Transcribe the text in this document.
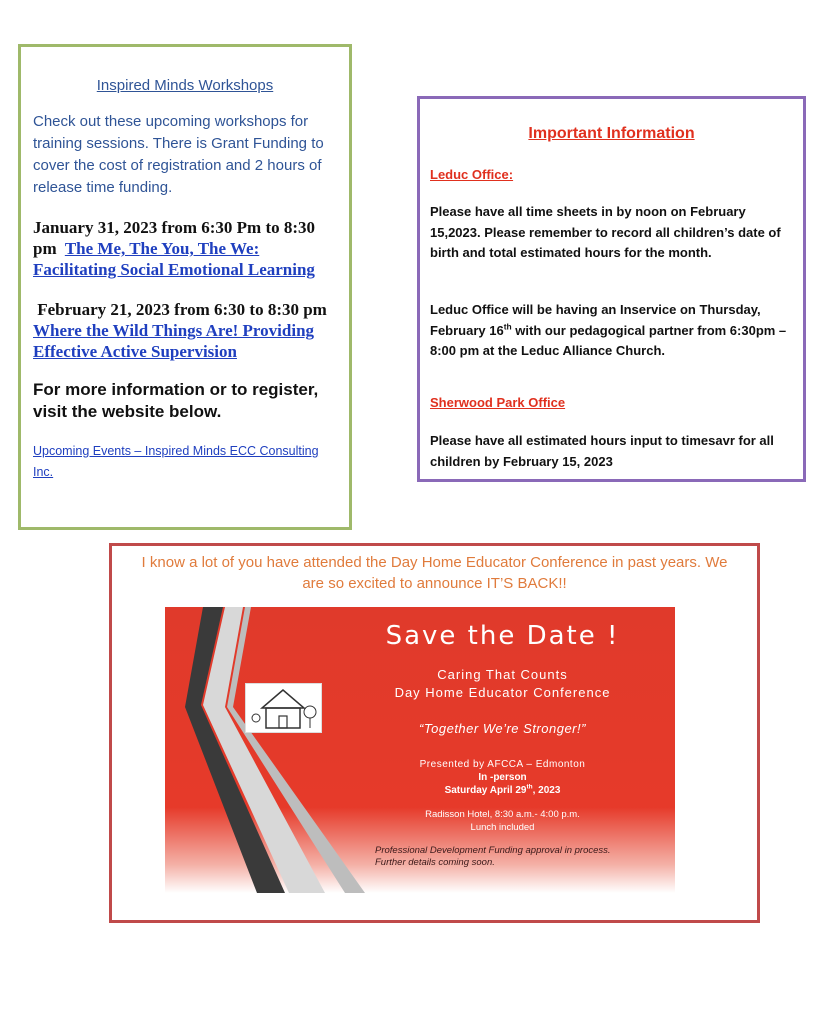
Inspired Minds Workshops
Check out these upcoming workshops for training sessions. There is Grant Funding to cover the cost of registration and 2 hours of release time funding.
January 31, 2023 from 6:30 Pm to 8:30 pm The Me, The You, The We: Facilitating Social Emotional Learning
February 21, 2023 from 6:30 to 8:30 pm Where the Wild Things Are! Providing Effective Active Supervision
For more information or to register, visit the website below.
Upcoming Events – Inspired Minds ECC Consulting Inc.
Important Information
Leduc Office:
Please have all time sheets in by noon on February 15,2023. Please remember to record all children’s date of birth and total estimated hours for the month.
Leduc Office will be having an Inservice on Thursday, February 16th with our pedagogical partner from 6:30pm – 8:00 pm at the Leduc Alliance Church.
Sherwood Park Office
Please have all estimated hours input to timesavr for all children by February 15, 2023
I know a lot of you have attended the Day Home Educator Conference in past years. We are so excited to announce IT’S BACK!!
Save the Date !
Caring That Counts
Day Home Educator Conference
“Together We’re Stronger!”
Presented by AFCCA – Edmonton
In -person
Saturday April 29th, 2023
Radisson Hotel, 8:30 a.m.- 4:00 p.m.
Lunch included
Professional Development Funding approval in process.
Further details coming soon.
